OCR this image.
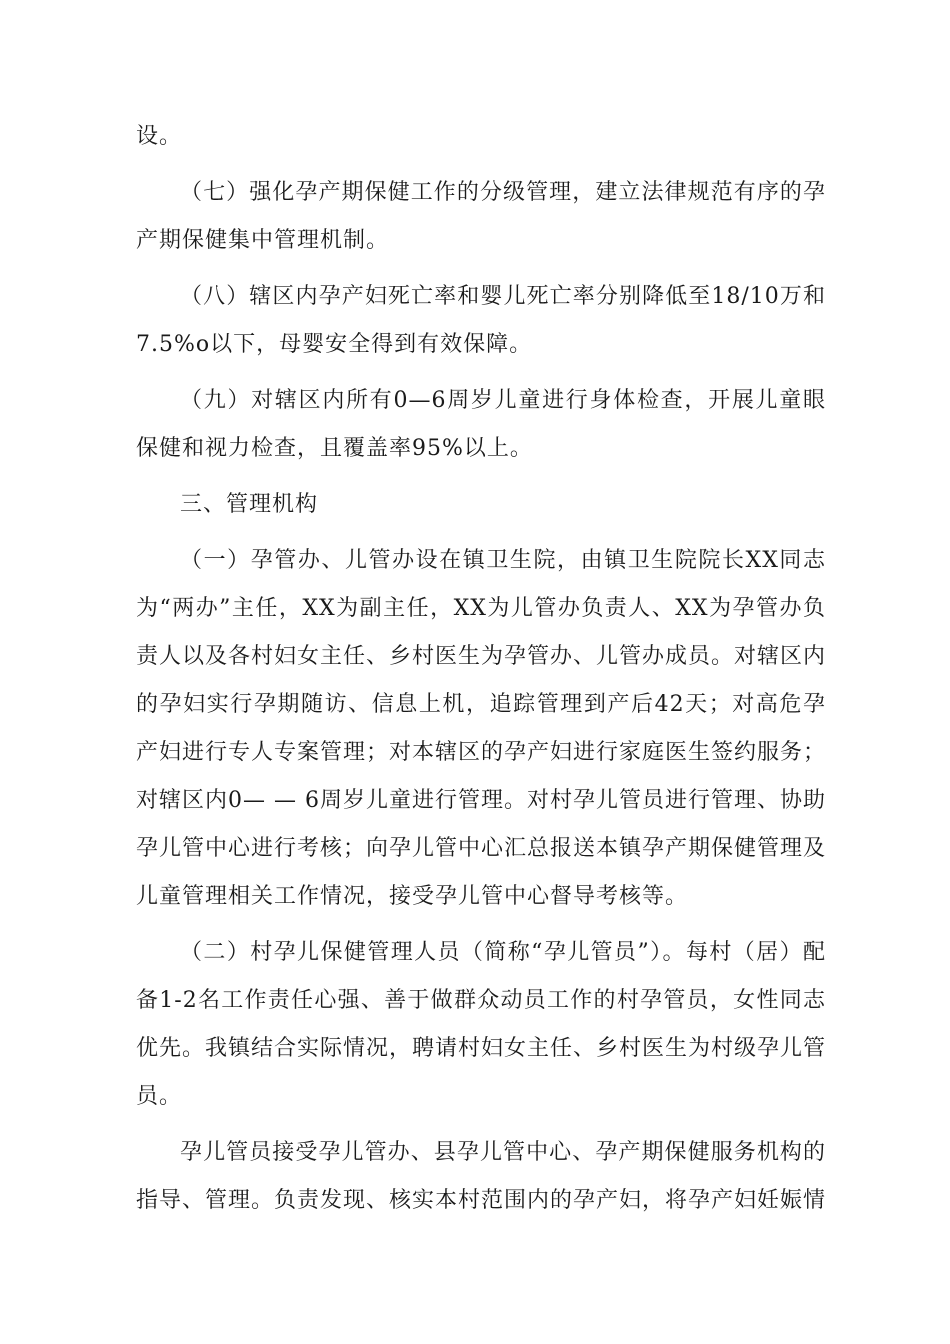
设。

（七）强化孕产期保健工作的分级管理，建立法律规范有序的孕产期保健集中管理机制。

（八）辖区内孕产妇死亡率和婴儿死亡率分别降低至18/10万和7.5%o以下，母婴安全得到有效保障。

（九）对辖区内所有0—6周岁儿童进行身体检查，开展儿童眼保健和视力检查，且覆盖率95%以上。

三、管理机构

（一）孕管办、儿管办设在镇卫生院，由镇卫生院院长XX同志为“两办”主任，XX为副主任，XX为儿管办负责人、XX为孕管办负责人以及各村妇女主任、乡村医生为孕管办、儿管办成员。对辖区内的孕妇实行孕期随访、信息上机，追踪管理到产后42天；对高危孕产妇进行专人专案管理；对本辖区的孕产妇进行家庭医生签约服务；对辖区内0— — 6周岁儿童进行管理。对村孕儿管员进行管理、协助孕儿管中心进行考核；向孕儿管中心汇总报送本镇孕产期保健管理及儿童管理相关工作情况，接受孕儿管中心督导考核等。

（二）村孕儿保健管理人员（简称“孕儿管员”）。每村（居）配备1-2名工作责任心强、善于做群众动员工作的村孕管员，女性同志优先。我镇结合实际情况，聘请村妇女主任、乡村医生为村级孕儿管员。

孕儿管员接受孕儿管办、县孕儿管中心、孕产期保健服务机构的指导、管理。负责发现、核实本村范围内的孕产妇，将孕产妇妊娠情
